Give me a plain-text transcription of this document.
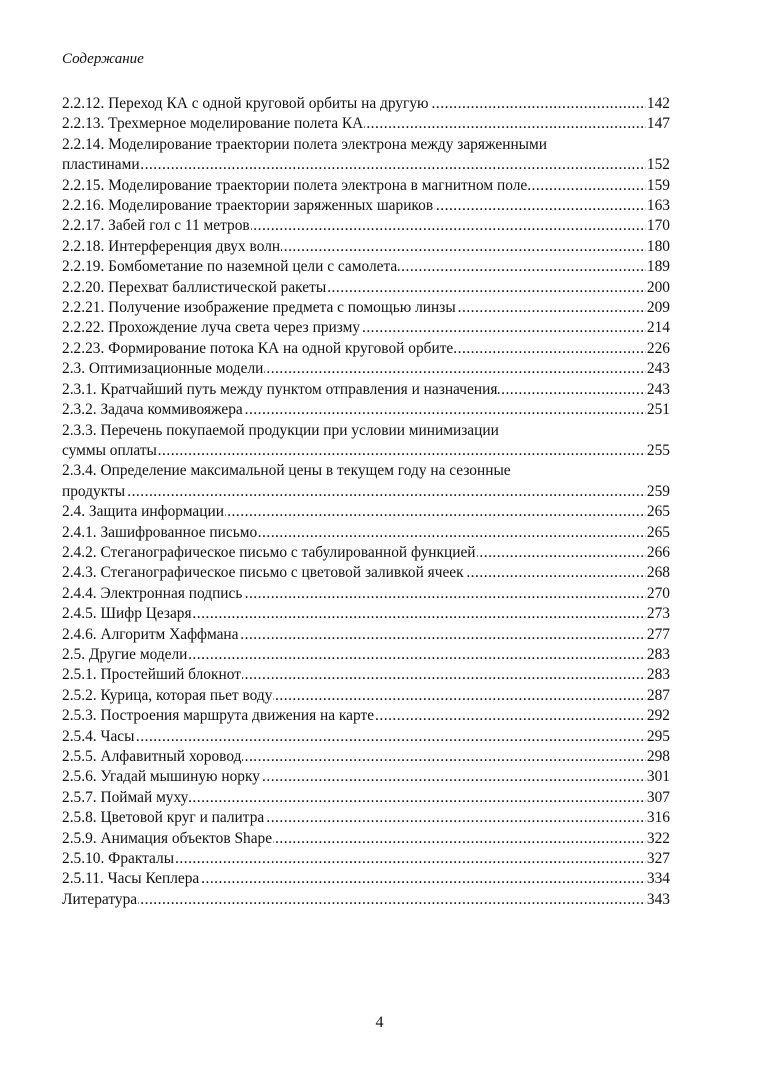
Содержание
2.2.12. Переход КА с одной круговой орбиты на другую	142
.....
2.2.13. Трехмерное моделирование полета КА	147
.....
2.2.14. Моделирование траектории полета электрона между заряженными
пластинами	152
.....
2.2.15. Моделирование траектории полета электрона в магнитном поле	159
.....
2.2.16. Моделирование траектории заряженных шариков	163
.....
2.2.17. Забей гол с 11 метров	170
.....
2.2.18. Интерференция двух волн	180
.....
2.2.19. Бомбометание по наземной цели с самолета	189
.....
2.2.20. Перехват баллистической ракеты	200
.....
2.2.21. Получение изображение предмета с помощью линзы	209
.....
2.2.22. Прохождение луча света через призму	214
.....
2.2.23. Формирование потока КА на одной круговой орбите	226
.....
2.3. Оптимизационные модели	243
.....
2.3.1. Кратчайший путь между пунктом отправления и назначения	243
.....
2.3.2. Задача коммивояжера	251
.....
2.3.3. Перечень покупаемой продукции при условии минимизации
суммы оплаты	255
.....
2.3.4. Определение максимальной цены в текущем году на сезонные
продукты	259
.....
2.4. Защита информации	265
.....
2.4.1. Зашифрованное письмо	265
.....
2.4.2. Стеганографическое письмо с табулированной функцией	266
.....
2.4.3. Стеганографическое письмо с цветовой заливкой ячеек	268
.....
2.4.4. Электронная подпись	270
.....
2.4.5. Шифр Цезаря	273
.....
2.4.6. Алгоритм Хаффмана	277
.....
2.5. Другие модели	283
.....
2.5.1. Простейший блокнот	283
.....
2.5.2. Курица, которая пьет воду	287
.....
2.5.3. Построения маршрута движения на карте	292
.....
2.5.4. Часы	295
.....
2.5.5. Алфавитный хоровод	298
.....
2.5.6. Угадай мышиную норку	301
.....
2.5.7. Поймай муху	307
.....
2.5.8. Цветовой круг и палитра	316
.....
2.5.9. Анимация объектов Shape	322
.....
2.5.10. Фракталы	327
.....
2.5.11. Часы Кеплера	334
.....
Литература	343
.....
4
